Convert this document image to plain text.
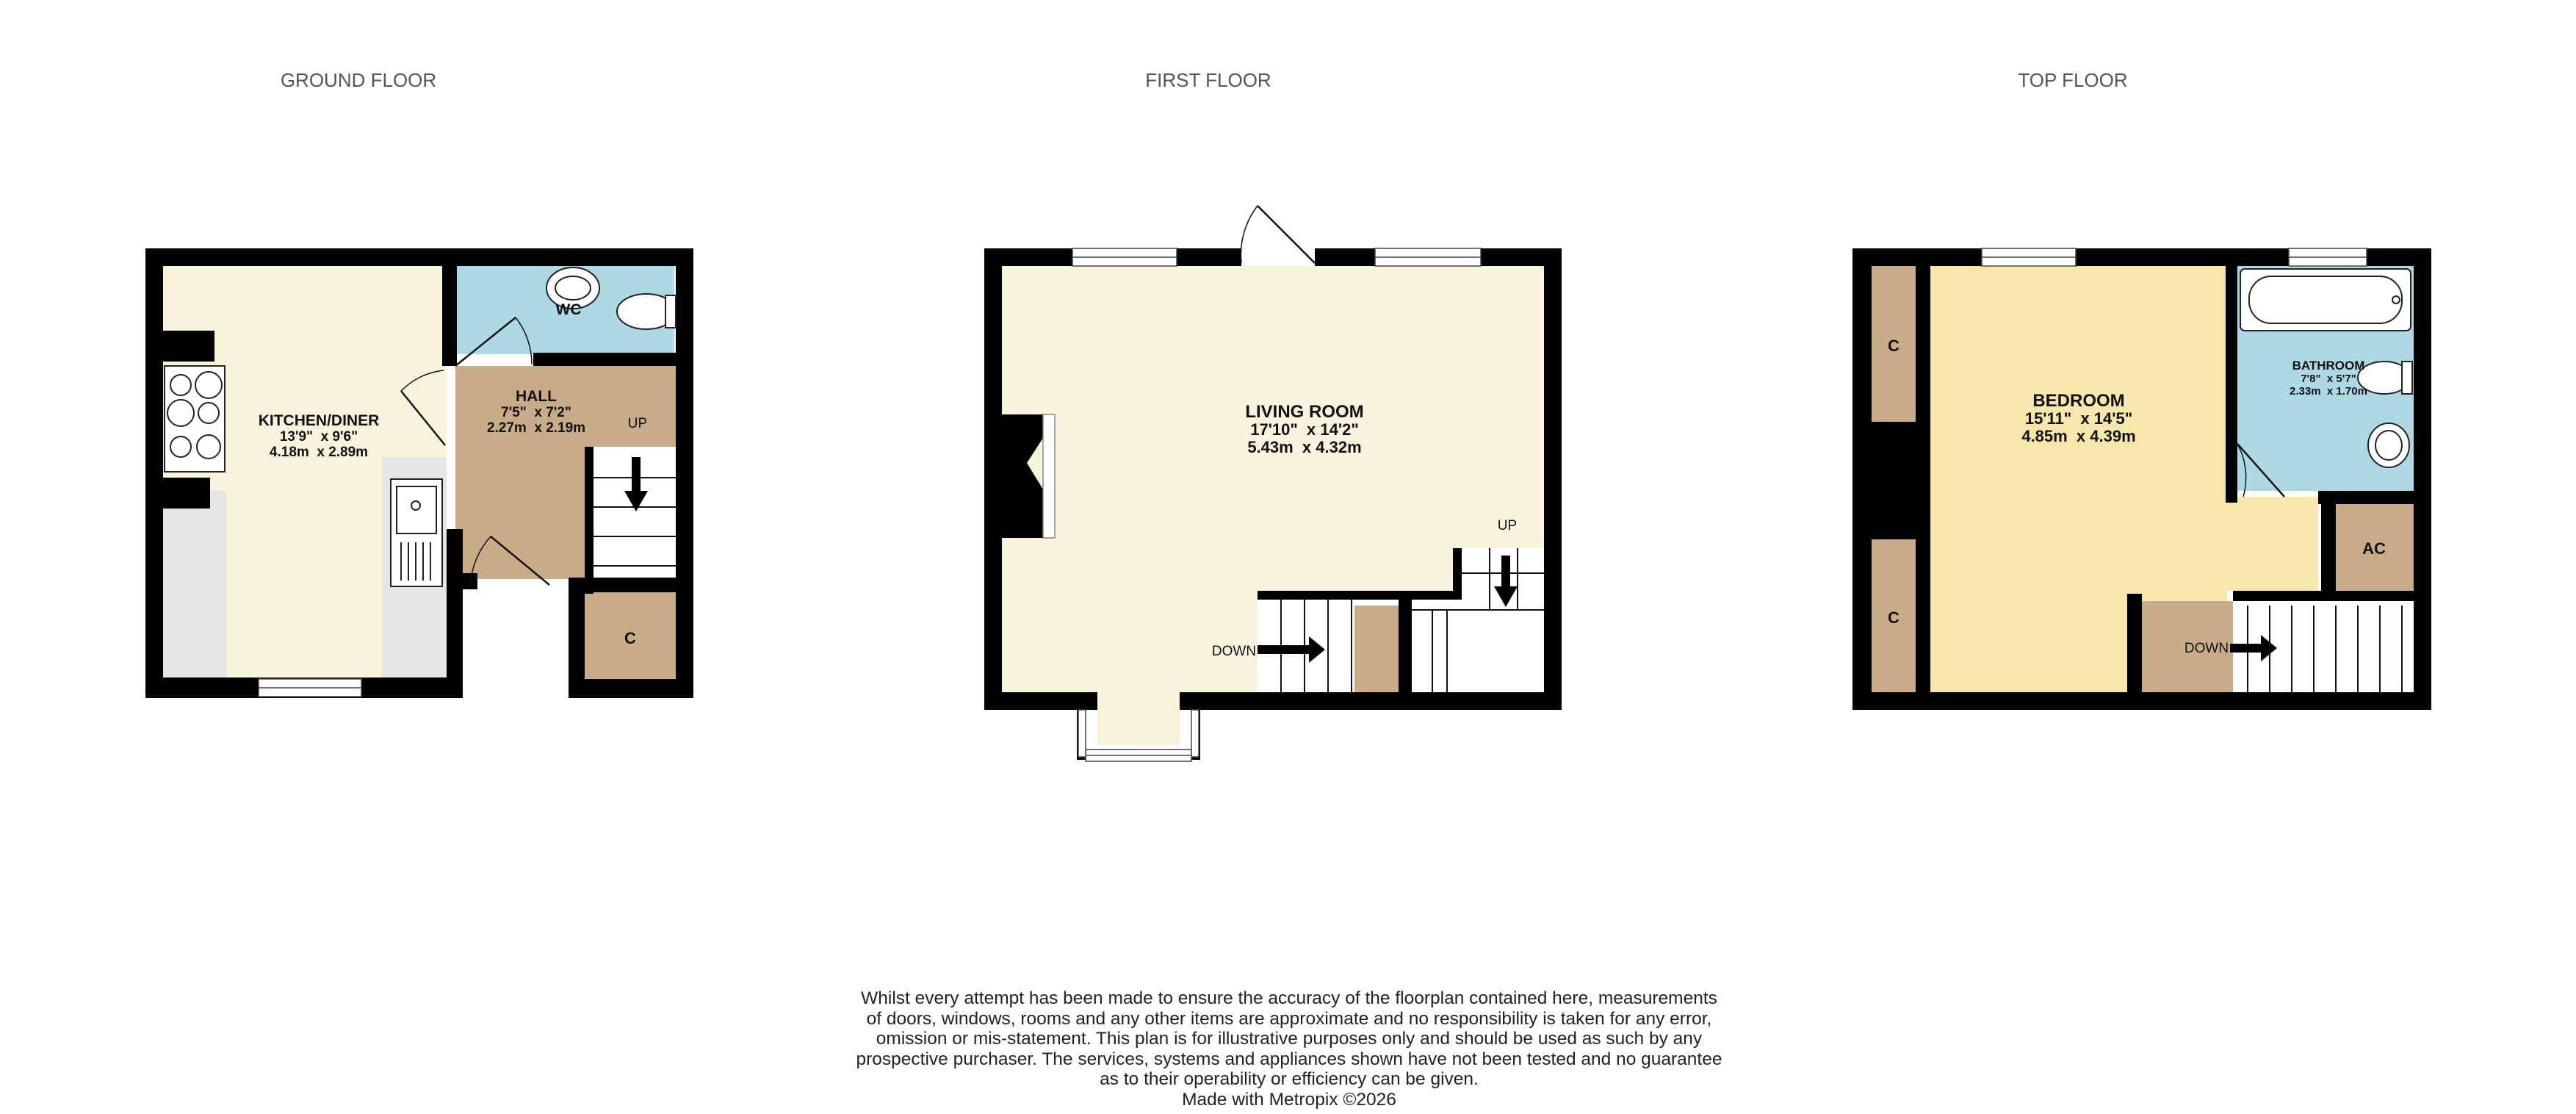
GROUND FLOOR
KITCHEN/DINER
13'9"  x 9'6"
4.18m  x 2.89m
HALL
7'5"  x 7'2"
2.27m  x 2.19m
WC
UP
C
FIRST FLOOR
LIVING ROOM
17'10"  x 14'2"
5.43m  x 4.32m
UP
DOWN
TOP FLOOR
BEDROOM
15'11"  x 14'5"
4.85m  x 4.39m
BATHROOM
7'8"  x 5'7"
2.33m  x 1.70m
C
C
AC
DOWN
Whilst every attempt has been made to ensure the accuracy of the floorplan contained here, measurements
of doors, windows, rooms and any other items are approximate and no responsibility is taken for any error,
omission or mis-statement. This plan is for illustrative purposes only and should be used as such by any
prospective purchaser. The services, systems and appliances shown have not been tested and no guarantee
as to their operability or efficiency can be given.
Made with Metropix ©2026
